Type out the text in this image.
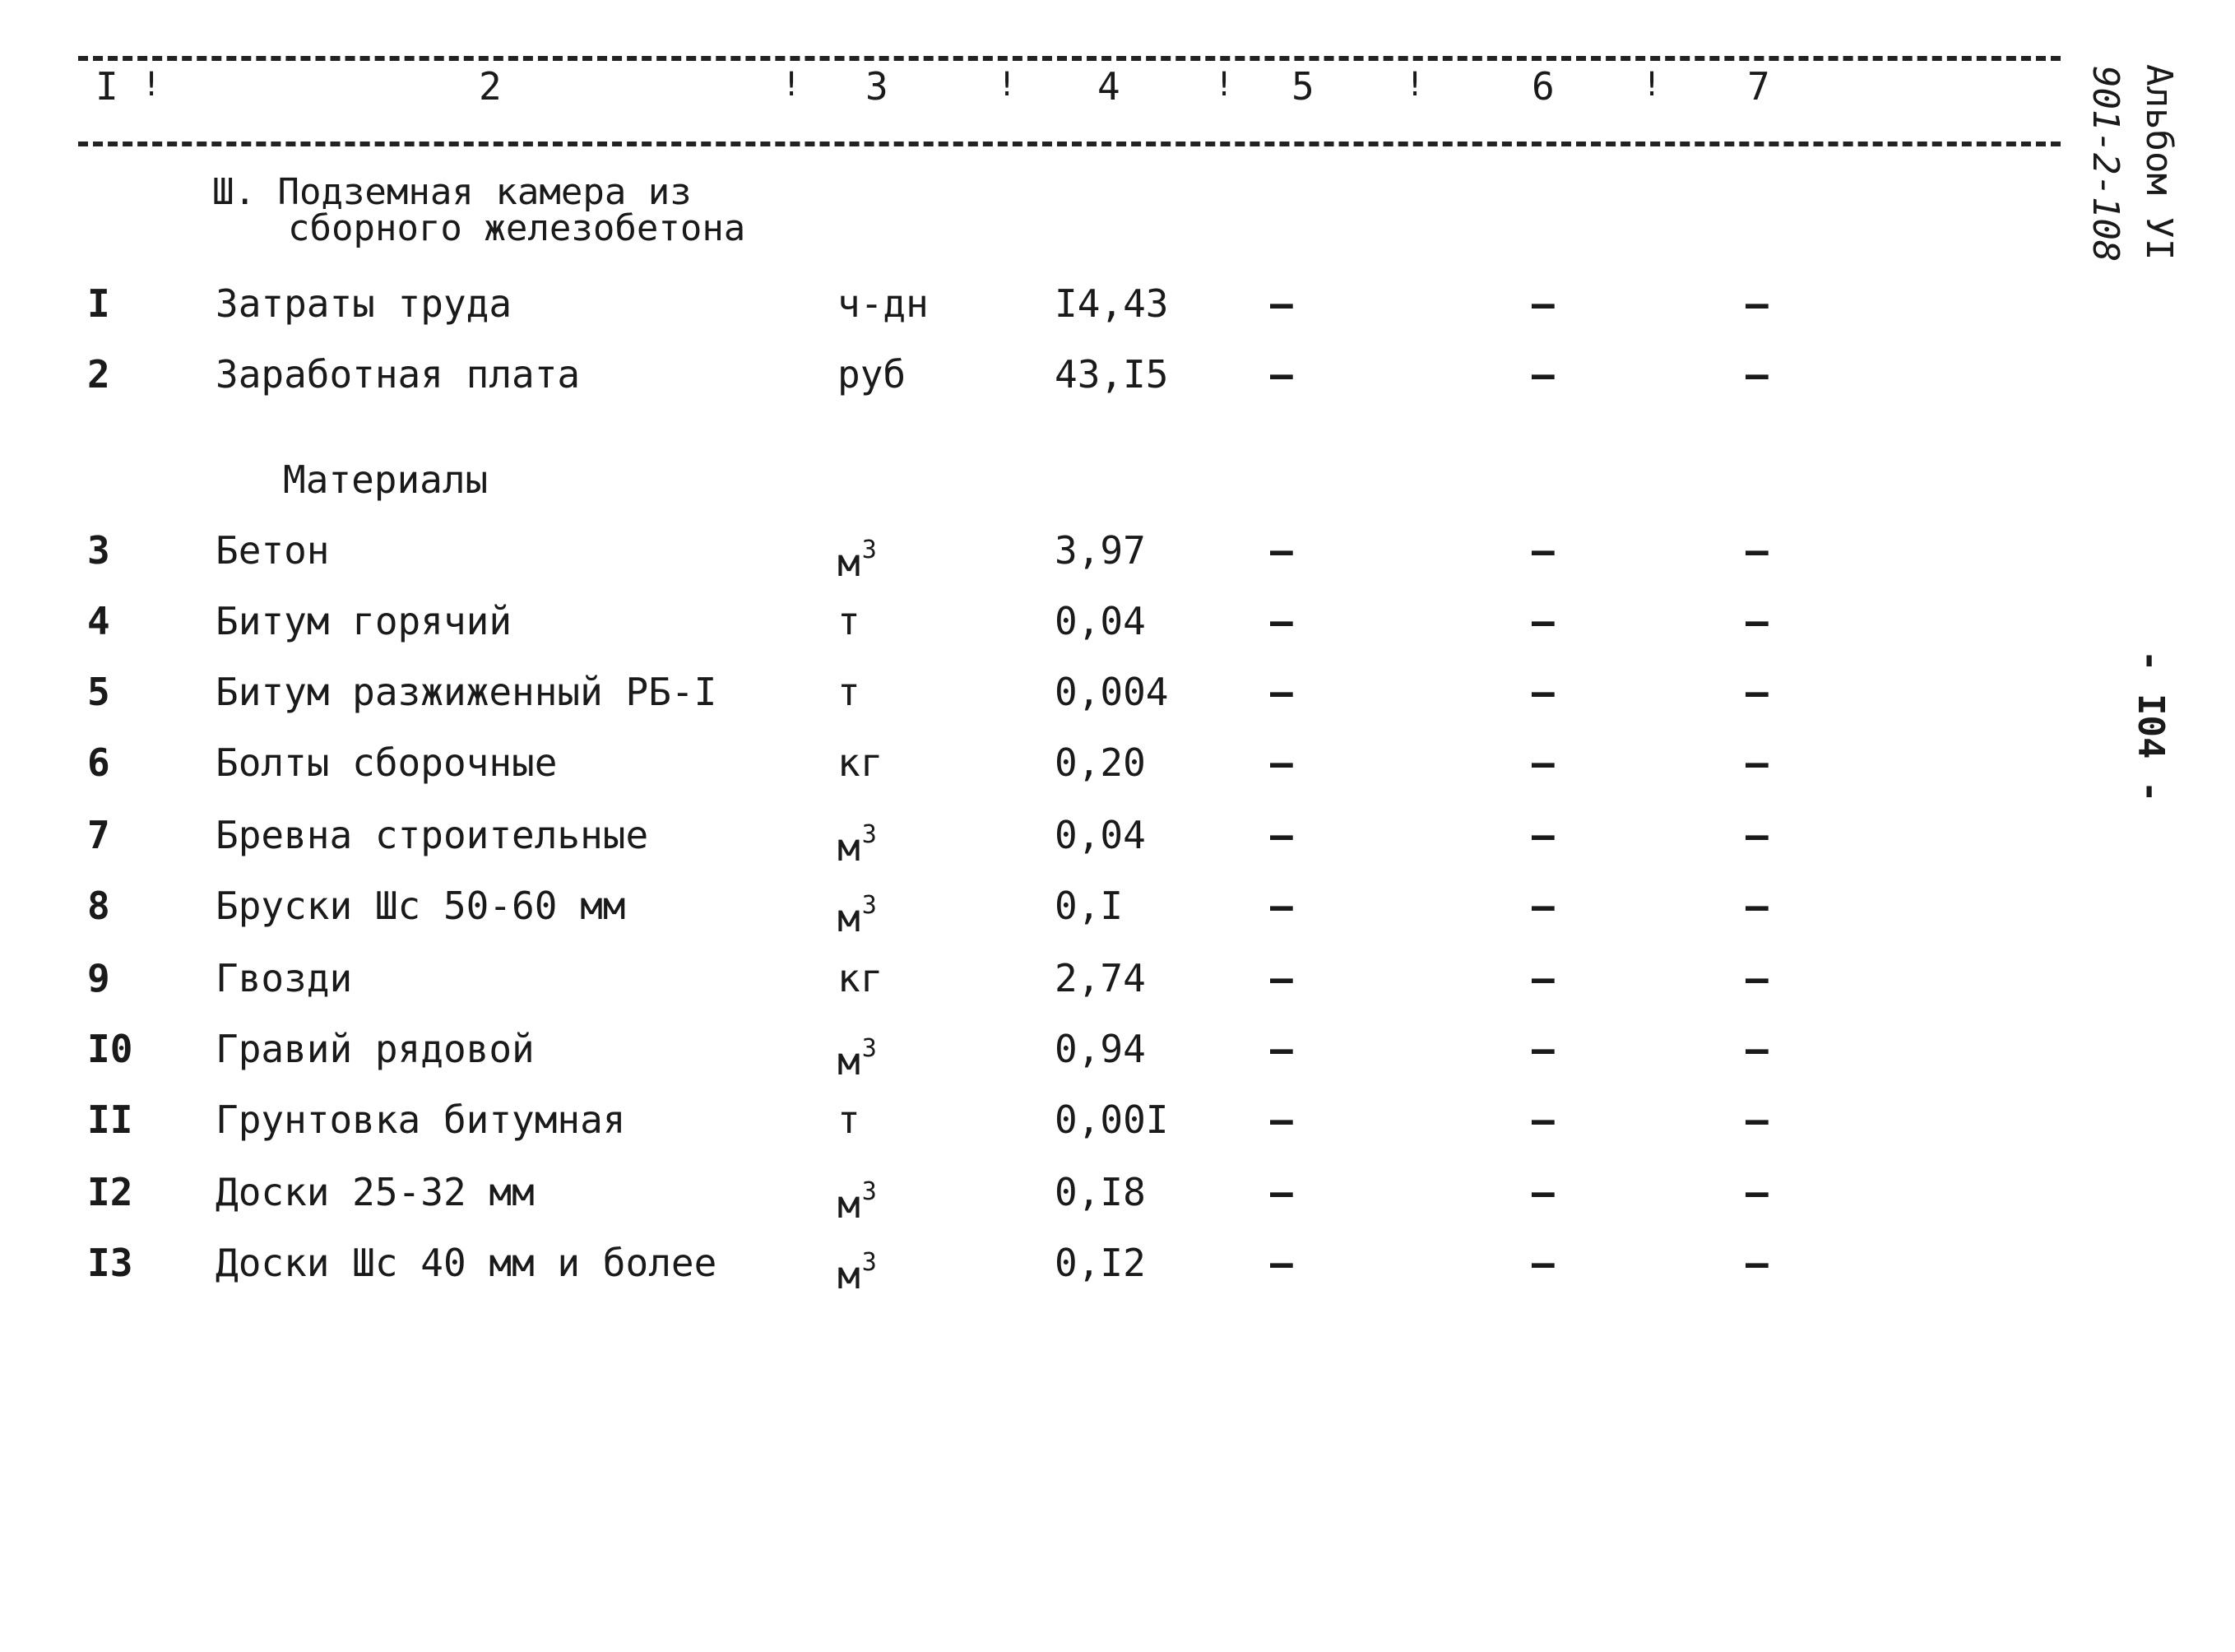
I !	2	! 3	! 4	! 5	!	6	! 7
Ш. Подземная камера из
сборного железобетона
Материалы
I	Затраты труда	ч-дн	I4,43	–	–	–
2	Заработная плата	руб	43,I5	–	–	–
3	Бетон	$м^3$	3,97	–	–	–
4	Битум горячий	т	0,04	–	–	–
5	Битум разжиженный РБ-I	т	0,004	–	–	–
6	Болты сборочные	кг	0,20	–	–	–
7	Бревна строительные	$м^3$	0,04	–	–	–
8	Бруски Шс 50-60 мм	$м^3$	0,I	–	–	–
9	Гвозди	кг	2,74	–	–	–
I0 Гравий рядовой	$м^3$	0,94	–	–	–
II Грунтовка битумная	т	0,00I	–	–	–
I2 Доски 25-32 мм	$м^3$	0,I8	–	–	–
I3 Доски Шс 40 мм и более	$м^3$	0,I2	–	–	–
Альбом УI
901-2-108
- I04 -
